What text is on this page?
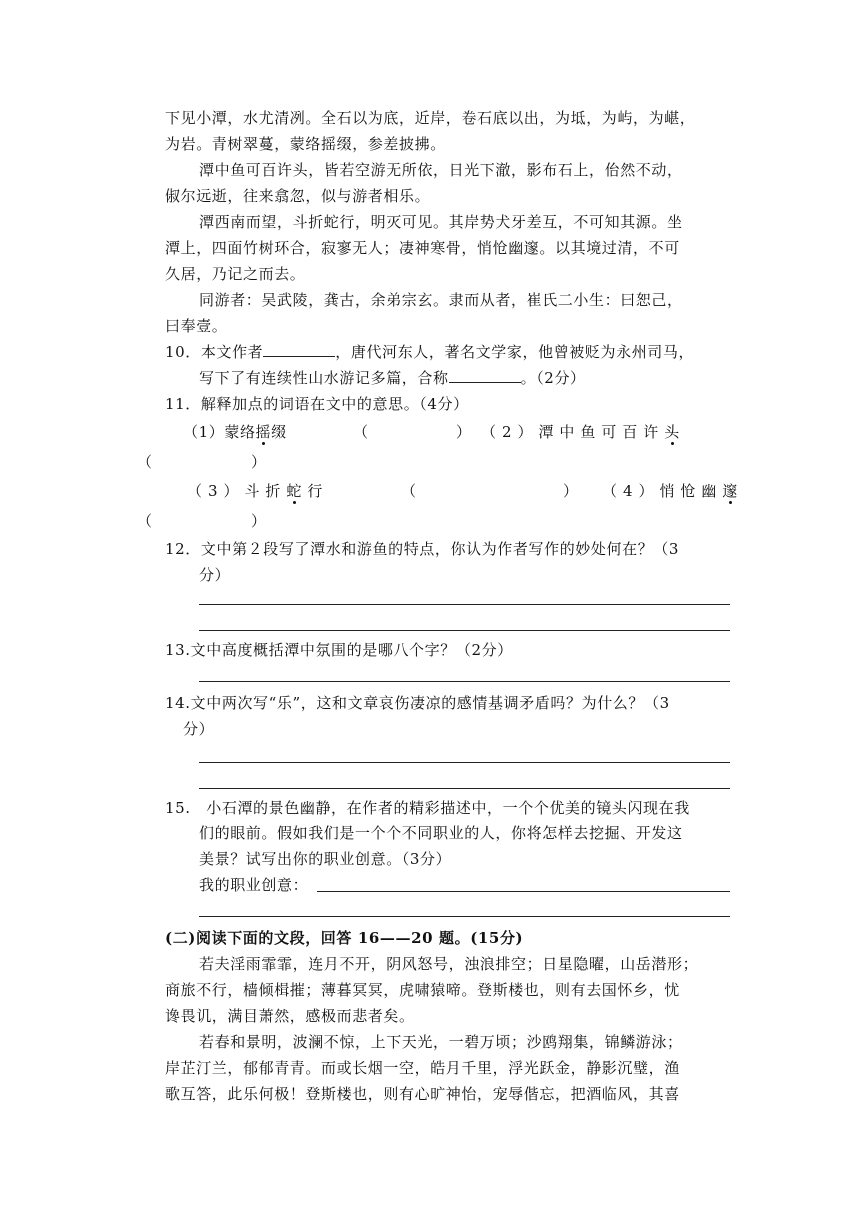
下见小潭，水尤清冽。全石以为底，近岸，卷石底以出，为坻，为屿，为嵁，
为岩。青树翠蔓，蒙络摇缀，参差披拂。
潭中鱼可百许头，皆若空游无所依，日光下澈，影布石上，佁然不动，
俶尔远逝，往来翕忽，似与游者相乐。
潭西南而望，斗折蛇行，明灭可见。其岸势犬牙差互，不可知其源。坐
潭上，四面竹树环合，寂寥无人；凄神寒骨，悄怆幽邃。以其境过清，不可
久居，乃记之而去。
同游者：吴武陵，龚古，余弟宗玄。隶而从者，崔氏二小生：曰恕己，
曰奉壹。
10．本文作者	，唐代河东人，著名文学家，他曾被贬为永州司马，
写下了有连续性山水游记多篇，合称	。（2分）
11．解释加点的词语在文中的意思。（4分）
（1）蒙络摇缀	（	） （ 2 ） 潭 中 鱼 可 百 许 头
（	）
（ 3 ） 斗 折 蛇 行	（	） （ 4 ） 悄 怆 幽 邃
（	）
12．文中第２段写了潭水和游鱼的特点，你认为作者写作的妙处何在？（3
分）
13.文中高度概括潭中氛围的是哪八个字？（2分）
14.文中两次写“乐”，这和文章哀伤凄凉的感情基调矛盾吗？为什么？（3
分）
15.　小石潭的景色幽静，在作者的精彩描述中，一个个优美的镜头闪现在我
们的眼前。假如我们是一个个不同职业的人，你将怎样去挖掘、开发这
美景？试写出你的职业创意。（3分）
我的职业创意：
(二)阅读下面的文段，回答 16——20 题。(15分)
若夫淫雨霏霏，连月不开，阴风怒号，浊浪排空；日星隐曜，山岳潜形；
商旅不行，樯倾楫摧；薄暮冥冥，虎啸猿啼。登斯楼也，则有去国怀乡，忧
谗畏讥，满目萧然，感极而悲者矣。
若春和景明，波澜不惊，上下天光，一碧万顷；沙鸥翔集，锦鳞游泳；
岸芷汀兰，郁郁青青。而或长烟一空，皓月千里，浮光跃金，静影沉璧，渔
歌互答，此乐何极！登斯楼也，则有心旷神怡，宠辱偕忘，把酒临风，其喜
